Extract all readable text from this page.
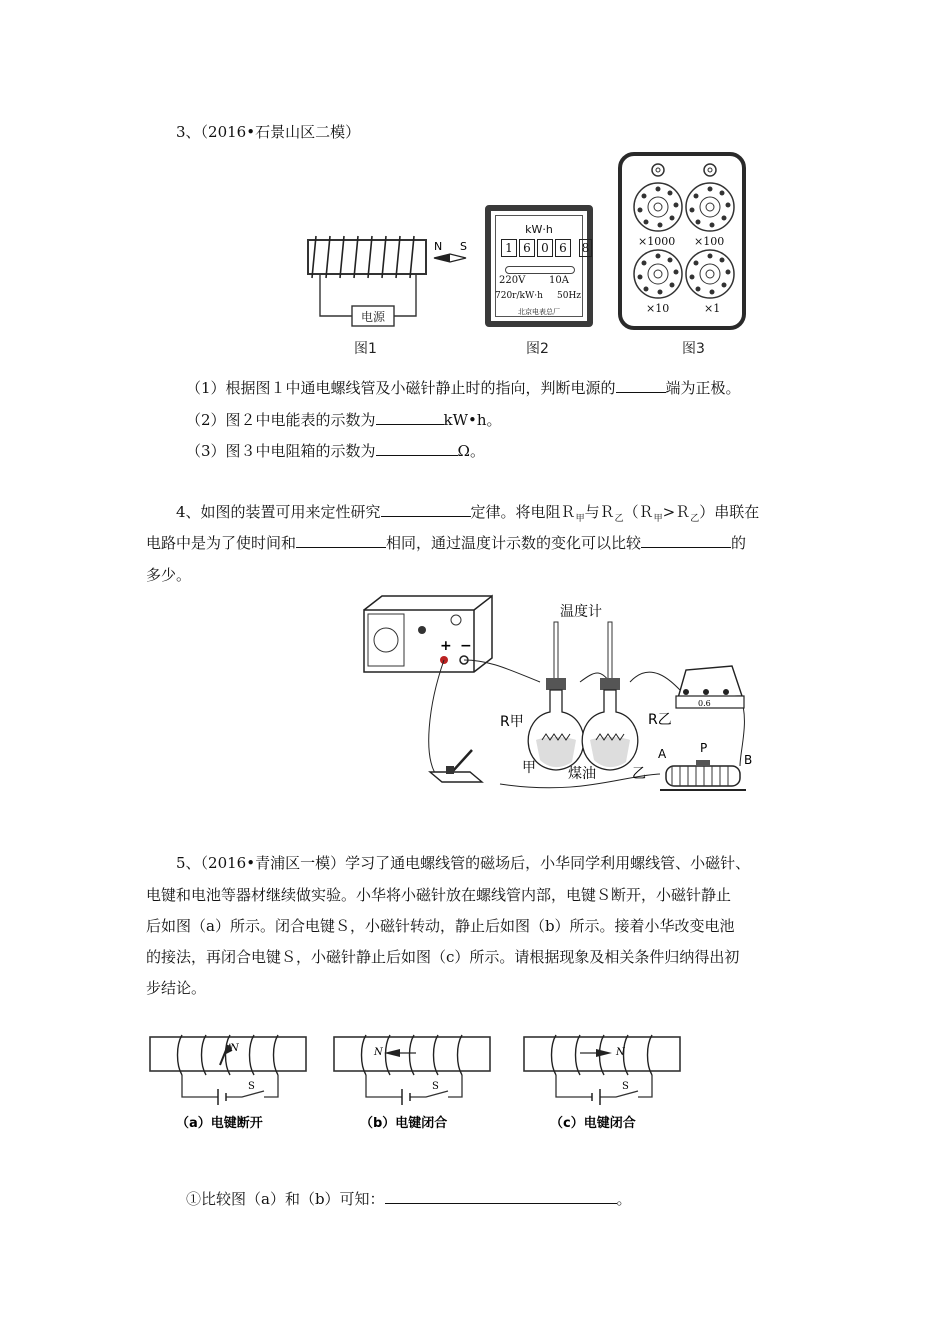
3、（2016•石景山区二模）
电源
N S
图1
kW·h
1 6 0 6	8
220V 10A
720r/kW·h 50Hz
北京电表总厂
图2
×1000 ×100
×10	×1
图3
（1）根据图１中通电螺线管及小磁针静止时的指向，判断电源的	端为正极。
（2）图２中电能表的示数为	kW•h。
（3）图３中电阻箱的示数为	Ω。
4、如图的装置可用来定性研究	定律。将电阻Ｒ$_甲$与Ｒ$_乙$（Ｒ$_甲$>Ｒ$_乙$）串联在
电路中是为了使时间和	相同，通过温度计示数的变化可以比较	的
多少。
+ −
温度计
R甲	R乙
甲 煤油	乙
0.6
A	P
B
5、（2016•青浦区一模）学习了通电螺线管的磁场后，小华同学利用螺线管、小磁针、
电键和电池等器材继续做实验。小华将小磁针放在螺线管内部，电键Ｓ断开，小磁针静止
后如图（a）所示。闭合电键Ｓ，小磁针转动，静止后如图（b）所示。接着小华改变电池
的接法，再闭合电键Ｓ，小磁针静止后如图（c）所示。请根据现象及相关条件归纳得出初
步结论。
N
S
（a）电键断开
N
S
（b）电键闭合
N
S
（c）电键闭合
①比较图（a）和（b）可知：	。
